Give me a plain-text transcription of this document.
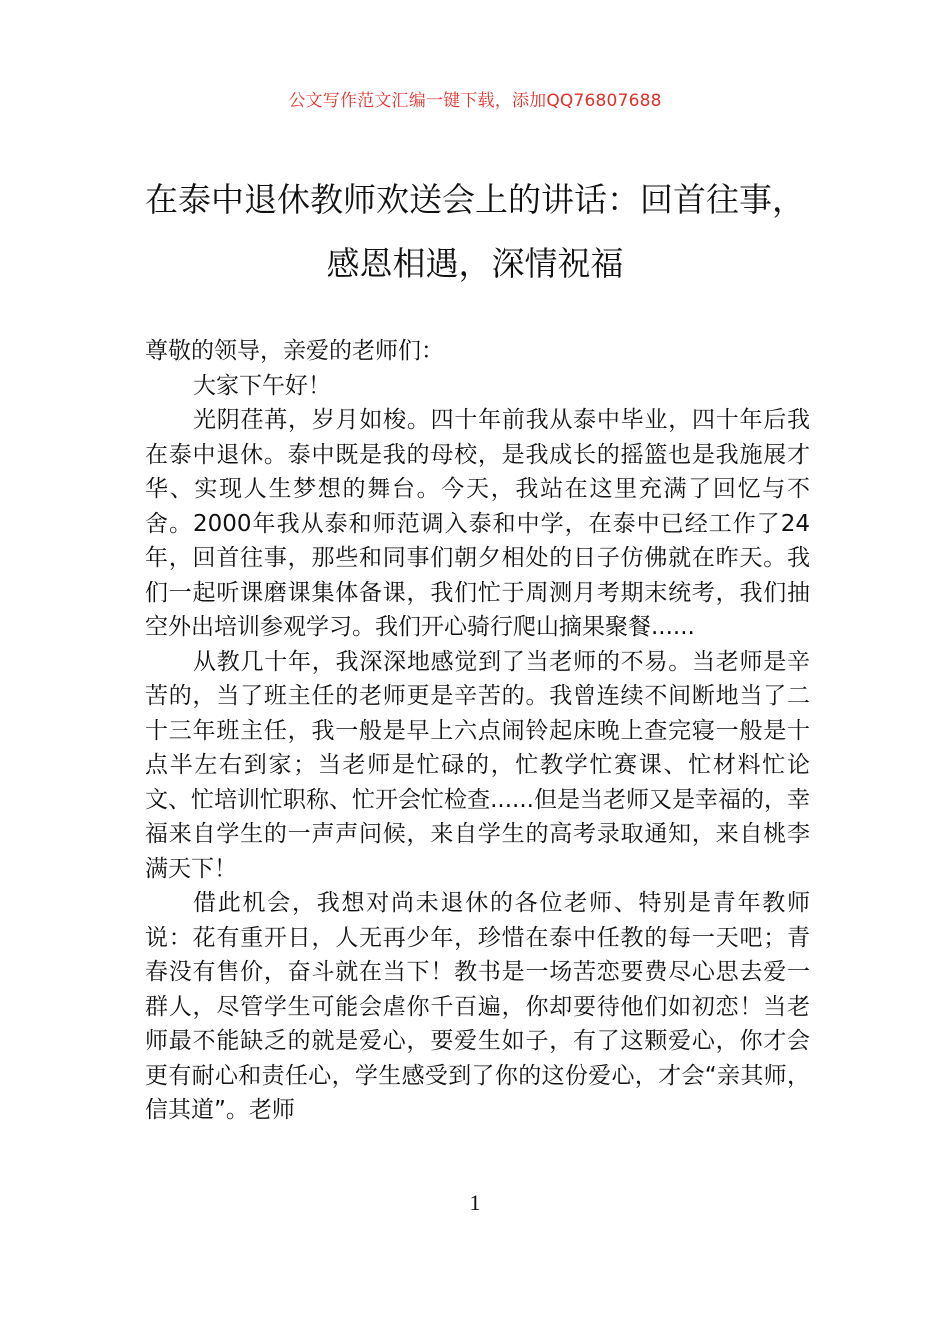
公文写作范文汇编一键下载，添加QQ76807688
在泰中退休教师欢送会上的讲话：回首往事，感恩相遇，深情祝福

尊敬的领导，亲爱的老师们：

大家下午好！

光阴荏苒，岁月如梭。四十年前我从泰中毕业，四十年后我在泰中退休。泰中既是我的母校，是我成长的摇篮也是我施展才华、实现人生梦想的舞台。今天，我站在这里充满了回忆与不舍。2000年我从泰和师范调入泰和中学，在泰中已经工作了24年，回首往事，那些和同事们朝夕相处的日子仿佛就在昨天。我们一起听课磨课集体备课，我们忙于周测月考期末统考，我们抽空外出培训参观学习。我们开心骑行爬山摘果聚餐......

从教几十年，我深深地感觉到了当老师的不易。当老师是辛苦的，当了班主任的老师更是辛苦的。我曾连续不间断地当了二十三年班主任，我一般是早上六点闹铃起床晚上查完寝一般是十点半左右到家；当老师是忙碌的，忙教学忙赛课、忙材料忙论文、忙培训忙职称、忙开会忙检查......但是当老师又是幸福的，幸福来自学生的一声声问候，来自学生的高考录取通知，来自桃李满天下！

借此机会，我想对尚未退休的各位老师、特别是青年教师说：花有重开日，人无再少年，珍惜在泰中任教的每一天吧；青春没有售价，奋斗就在当下！教书是一场苦恋要费尽心思去爱一群人，尽管学生可能会虐你千百遍，你却要待他们如初恋！当老师最不能缺乏的就是爱心，要爱生如子，有了这颗爱心，你才会更有耐心和责任心，学生感受到了你的这份爱心，才会“亲其师，信其道”。老师

1
